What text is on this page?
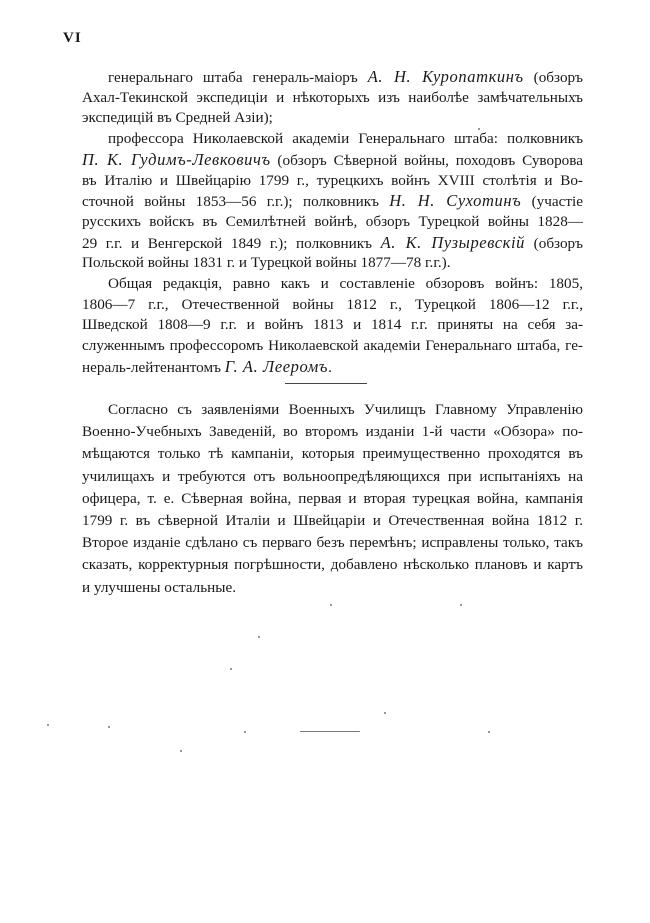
VI
генеральнаго штаба генераль-маіоръ А. Н. Куропаткинъ (обзоръ
Ахал-Текинской экспедиціи и нѣкоторыхъ изъ наиболѣе замѣчательныхъ
экспедицій въ Средней Азіи);
профессора Николаевской академіи Генеральнаго штаба: полковникъ
П. К. Гудимъ-Левковичъ (обзоръ Сѣверной войны, походовъ Суворова
въ Италію и Швейцарію 1799 г., турецкихъ войнъ XVIII столѣтія и Во-
сточной войны 1853—56 г.г.); полковникъ Н. Н. Сухотинъ (участіе
русскихъ войскъ въ Семилѣтней войнѣ, обзоръ Турецкой войны 1828—
29 г.г. и Венгерской 1849 г.); полковникъ А. К. Пузыревскій (обзоръ
Польской войны 1831 г. и Турецкой войны 1877—78 г.г.).
Общая редакція, равно какъ и составленіе обзоровъ войнъ: 1805,
1806—7 г.г., Отечественной войны 1812 г., Турецкой 1806—12 г.г.,
Шведской 1808—9 г.г. и войнъ 1813 и 1814 г.г. приняты на себя за-
служеннымъ профессоромъ Николаевской академіи Генеральнаго штаба, ге-
нераль-лейтенантомъ Г. А. Лееромъ.
Согласно съ заявленіями Военныхъ Училищъ Главному Управленію
Военно-Учебныхъ Заведеній, во второмъ изданіи 1-й части «Обзора» по-
мѣщаются только тѣ кампаніи, которыя преимущественно проходятся въ
училищахъ и требуются отъ вольноопредѣляющихся при испытаніяхъ на
офицера, т. е. Сѣверная война, первая и вторая турецкая война, кампанія
1799 г. въ сѣверной Италіи и Швейцаріи и Отечественная война 1812 г.
Второе изданіе сдѣлано съ перваго безъ перемѣнъ; исправлены только, такъ
сказать, корректурныя погрѣшности, добавлено нѣсколько плановъ и картъ
и улучшены остальные.
